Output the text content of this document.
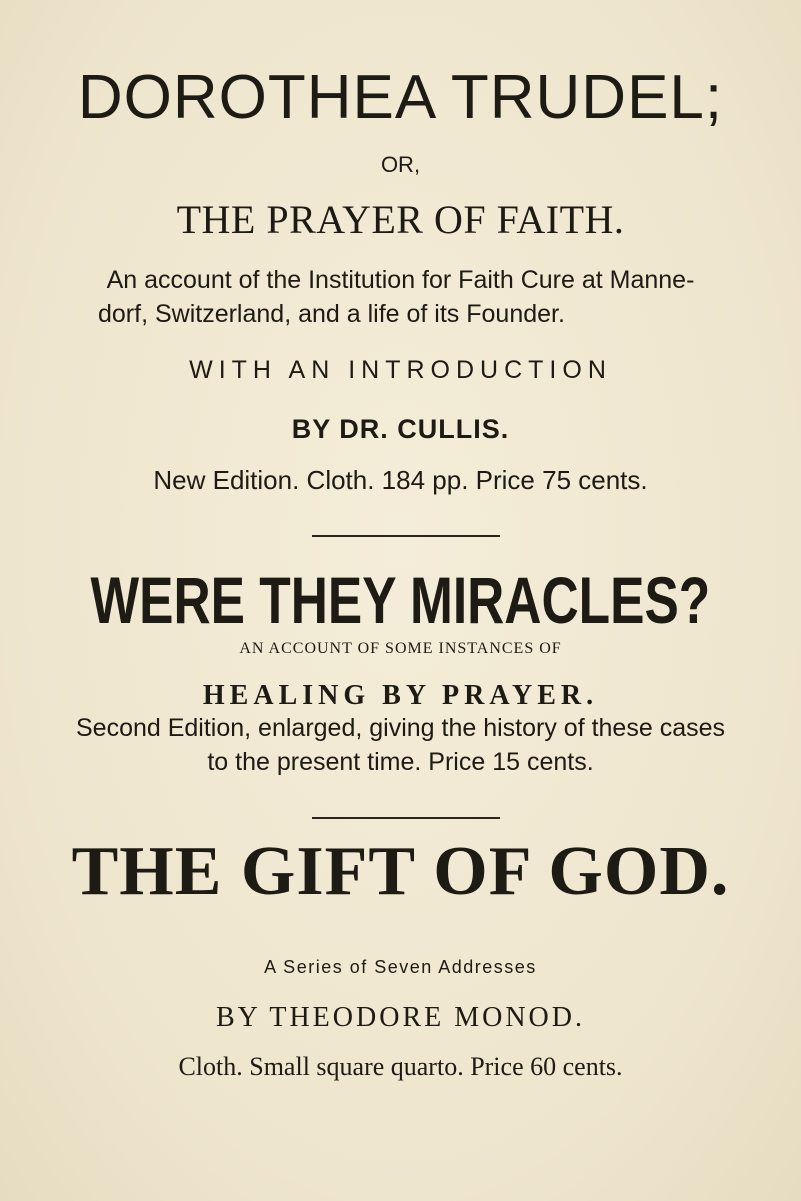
DOROTHEA TRUDEL;
OR,
THE PRAYER OF FAITH.
An account of the Institution for Faith Cure at Manne-
dorf, Switzerland, and a life of its Founder.
WITH AN INTRODUCTION
BY DR. CULLIS.
New Edition. Cloth. 184 pp. Price 75 cents.
WERE THEY MIRACLES?
AN ACCOUNT OF SOME INSTANCES OF
HEALING BY PRAYER.
Second Edition, enlarged, giving the history of these cases
to the present time. Price 15 cents.
THE GIFT OF GOD.
A Series of Seven Addresses
BY THEODORE MONOD.
Cloth. Small square quarto. Price 60 cents.
